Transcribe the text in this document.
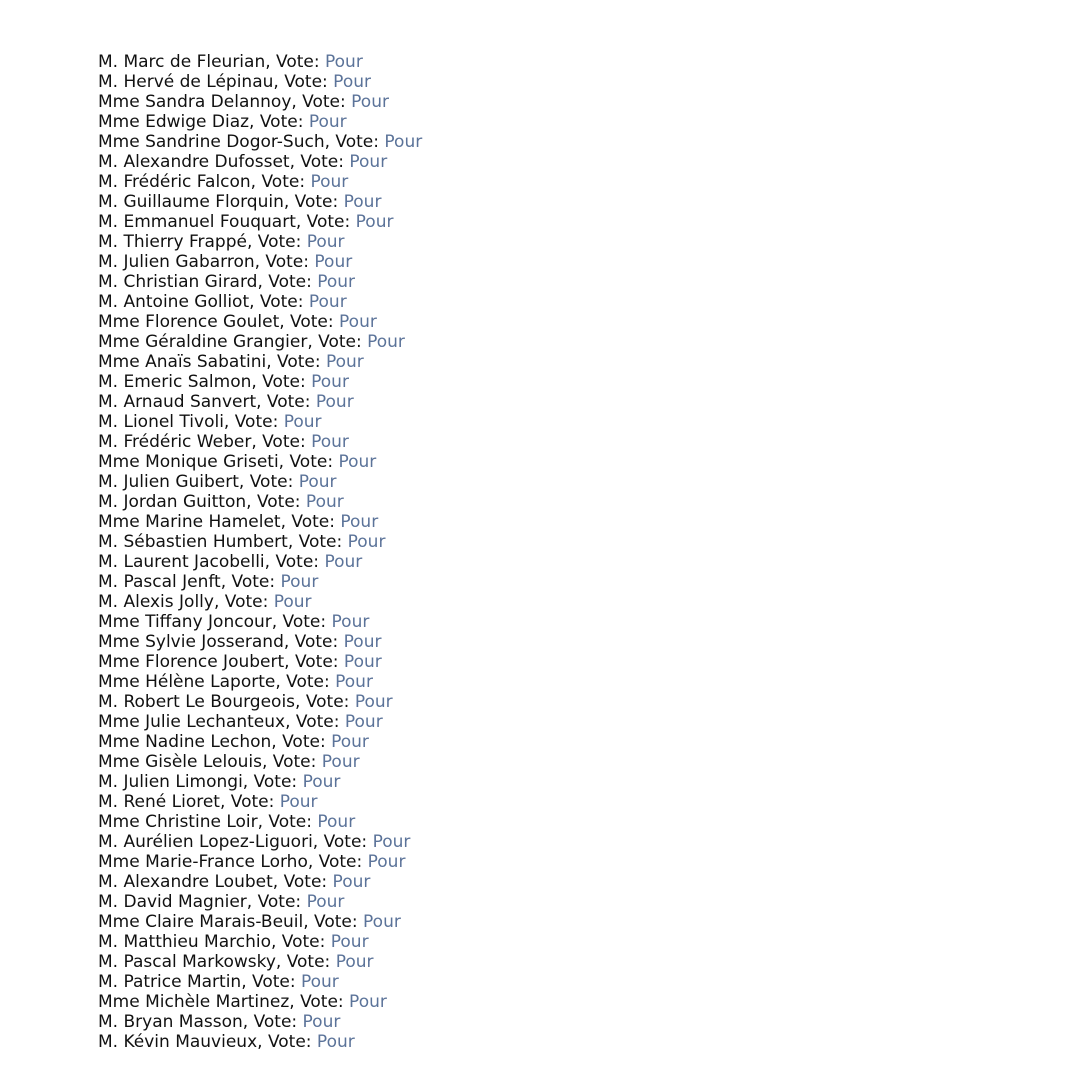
M. Marc de Fleurian, Vote: Pour
M. Hervé de Lépinau, Vote: Pour
Mme Sandra Delannoy, Vote: Pour
Mme Edwige Diaz, Vote: Pour
Mme Sandrine Dogor-Such, Vote: Pour
M. Alexandre Dufosset, Vote: Pour
M. Frédéric Falcon, Vote: Pour
M. Guillaume Florquin, Vote: Pour
M. Emmanuel Fouquart, Vote: Pour
M. Thierry Frappé, Vote: Pour
M. Julien Gabarron, Vote: Pour
M. Christian Girard, Vote: Pour
M. Antoine Golliot, Vote: Pour
Mme Florence Goulet, Vote: Pour
Mme Géraldine Grangier, Vote: Pour
Mme Anaïs Sabatini, Vote: Pour
M. Emeric Salmon, Vote: Pour
M. Arnaud Sanvert, Vote: Pour
M. Lionel Tivoli, Vote: Pour
M. Frédéric Weber, Vote: Pour
Mme Monique Griseti, Vote: Pour
M. Julien Guibert, Vote: Pour
M. Jordan Guitton, Vote: Pour
Mme Marine Hamelet, Vote: Pour
M. Sébastien Humbert, Vote: Pour
M. Laurent Jacobelli, Vote: Pour
M. Pascal Jenft, Vote: Pour
M. Alexis Jolly, Vote: Pour
Mme Tiffany Joncour, Vote: Pour
Mme Sylvie Josserand, Vote: Pour
Mme Florence Joubert, Vote: Pour
Mme Hélène Laporte, Vote: Pour
M. Robert Le Bourgeois, Vote: Pour
Mme Julie Lechanteux, Vote: Pour
Mme Nadine Lechon, Vote: Pour
Mme Gisèle Lelouis, Vote: Pour
M. Julien Limongi, Vote: Pour
M. René Lioret, Vote: Pour
Mme Christine Loir, Vote: Pour
M. Aurélien Lopez-Liguori, Vote: Pour
Mme Marie-France Lorho, Vote: Pour
M. Alexandre Loubet, Vote: Pour
M. David Magnier, Vote: Pour
Mme Claire Marais-Beuil, Vote: Pour
M. Matthieu Marchio, Vote: Pour
M. Pascal Markowsky, Vote: Pour
M. Patrice Martin, Vote: Pour
Mme Michèle Martinez, Vote: Pour
M. Bryan Masson, Vote: Pour
M. Kévin Mauvieux, Vote: Pour
